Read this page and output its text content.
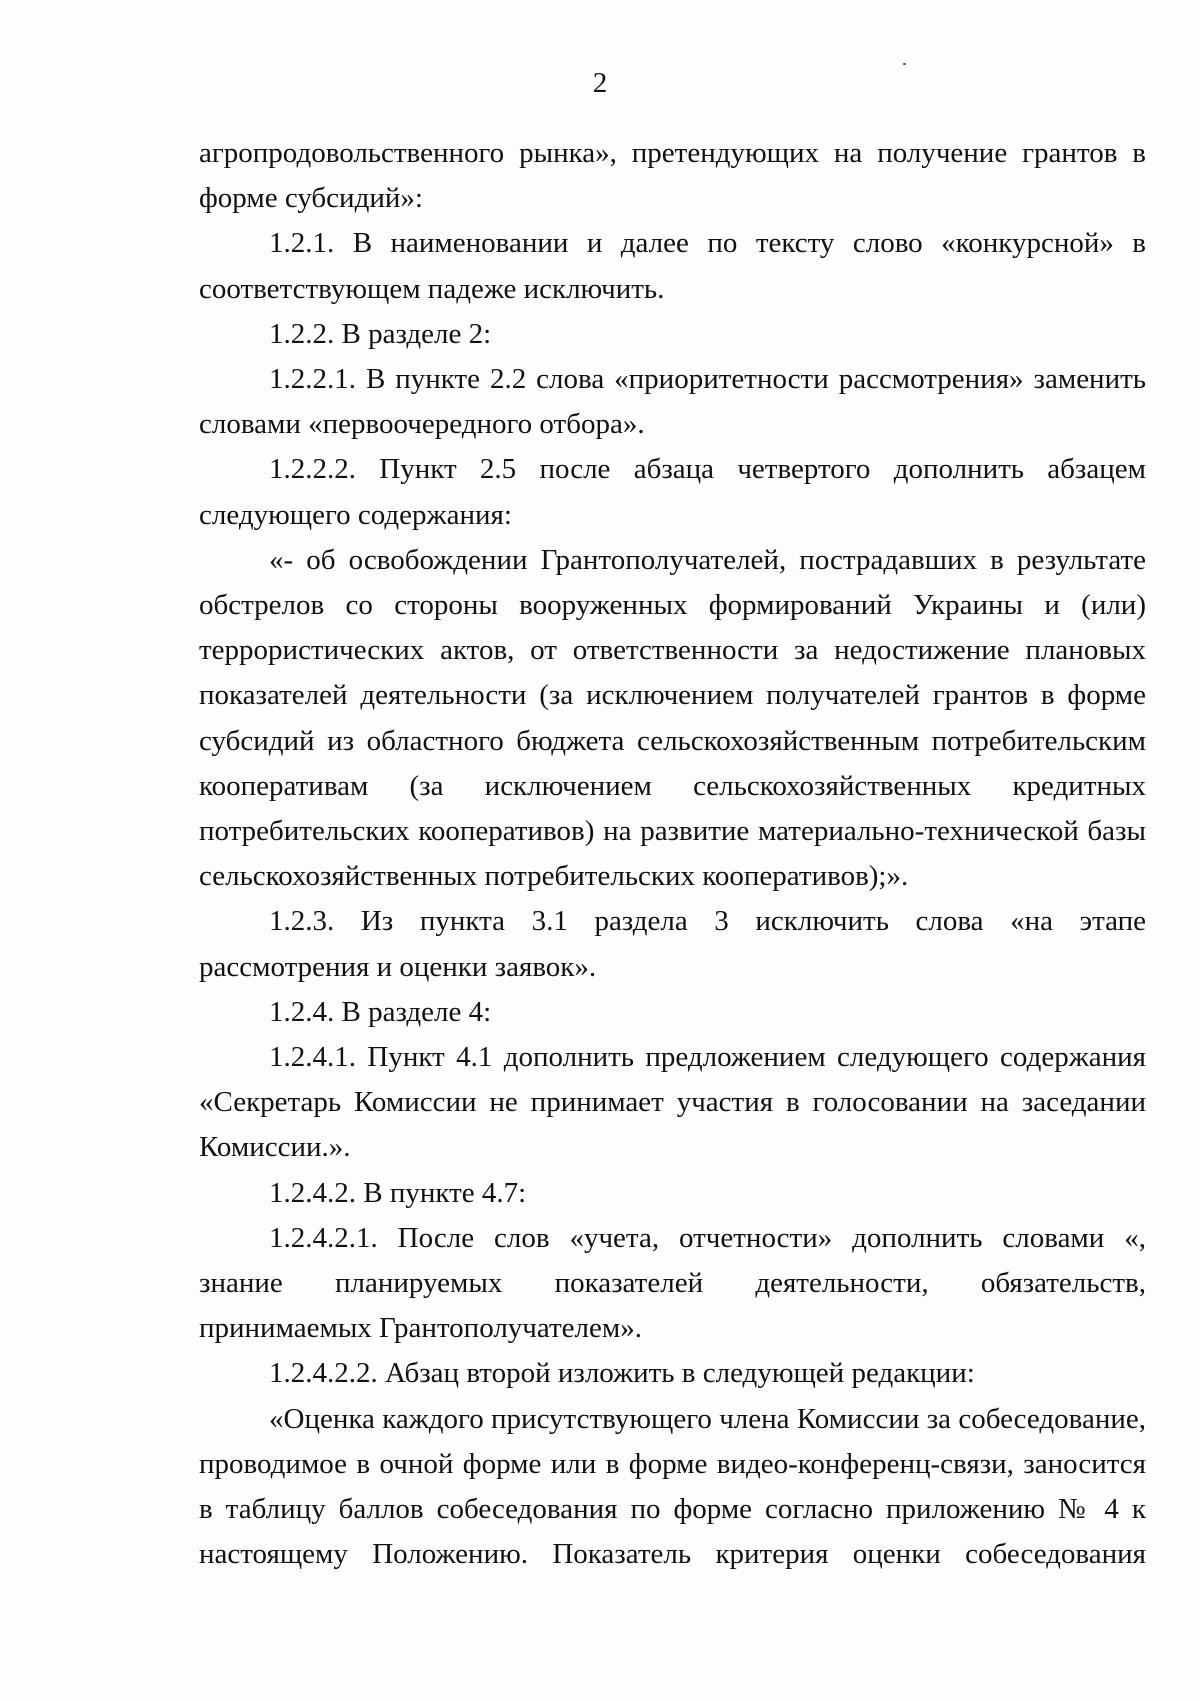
2

агропродовольственного рынка», претендующих на получение грантов в форме субсидий»:

1.2.1. В наименовании и далее по тексту слово «конкурсной» в соответствующем падеже исключить.

1.2.2. В разделе 2:

1.2.2.1. В пункте 2.2 слова «приоритетности рассмотрения» заменить словами «первоочередного отбора».

1.2.2.2. Пункт 2.5 после абзаца четвертого дополнить абзацем следующего содержания:

«- об освобождении Грантополучателей, пострадавших в результате обстрелов со стороны вооруженных формирований Украины и (или) террористических актов, от ответственности за недостижение плановых показателей деятельности (за исключением получателей грантов в форме субсидий из областного бюджета сельскохозяйственным потребительским кооперативам (за исключением сельскохозяйственных кредитных потребительских кооперативов) на развитие материально-технической базы сельскохозяйственных потребительских кооперативов);».

1.2.3. Из пункта 3.1 раздела 3 исключить слова «на этапе рассмотрения и оценки заявок».

1.2.4. В разделе 4:

1.2.4.1. Пункт 4.1 дополнить предложением следующего содержания «Секретарь Комиссии не принимает участия в голосовании на заседании Комиссии.».

1.2.4.2. В пункте 4.7:

1.2.4.2.1. После слов «учета, отчетности» дополнить словами «, знание планируемых показателей деятельности, обязательств, принимаемых Грантополучателем».

1.2.4.2.2. Абзац второй изложить в следующей редакции:

«Оценка каждого присутствующего члена Комиссии за собеседование, проводимое в очной форме или в форме видео-конференц-связи, заносится в таблицу баллов собеседования по форме согласно приложению № 4 к настоящему Положению. Показатель критерия оценки собеседования
